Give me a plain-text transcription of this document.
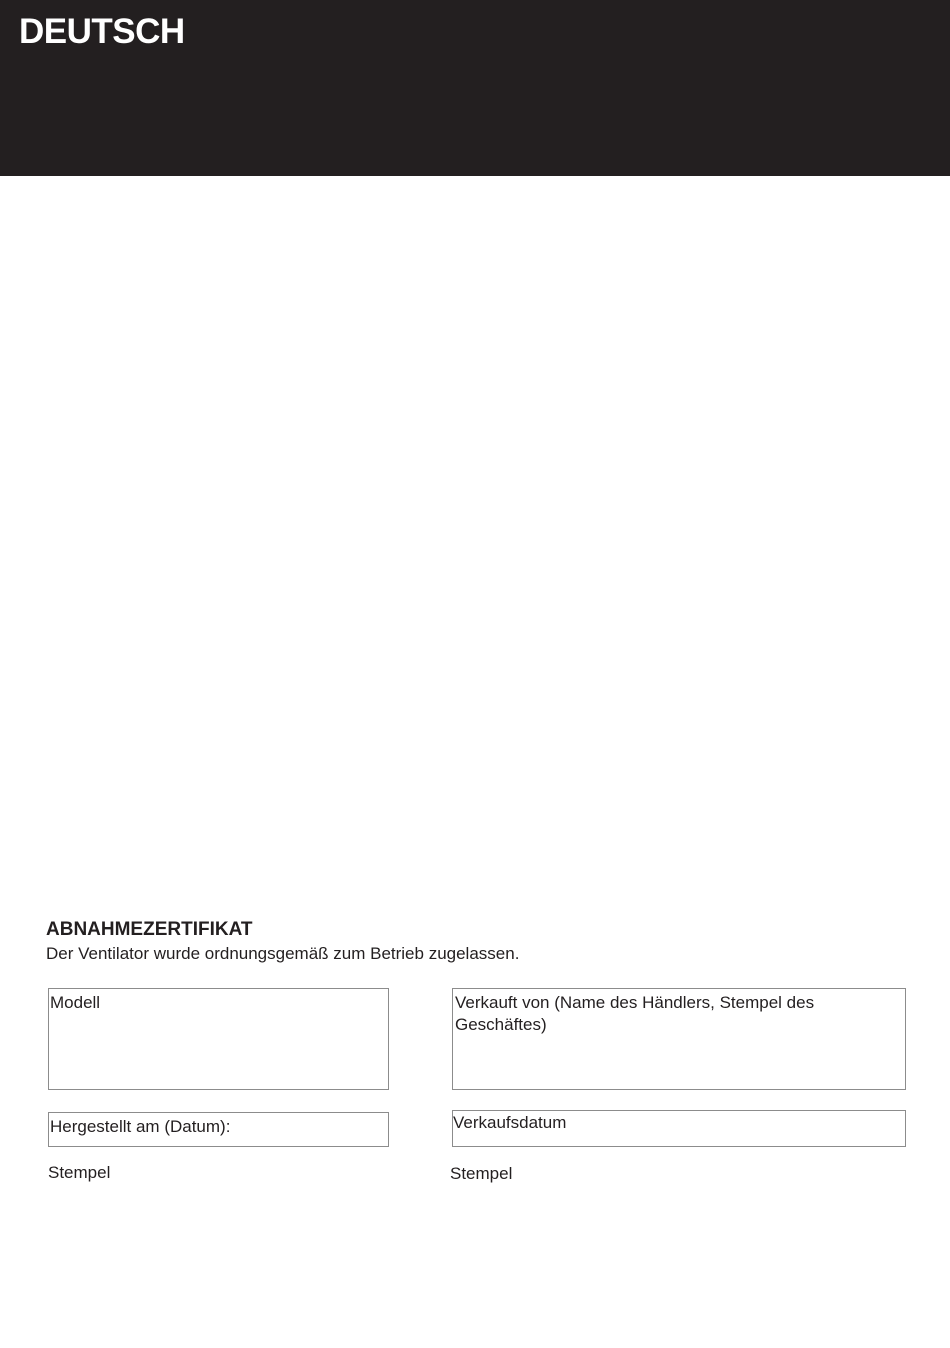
DEUTSCH
ABNAHMEZERTIFIKAT
Der Ventilator wurde ordnungsgemäß zum Betrieb zugelassen.
Modell	Verkauft von (Name des Händlers, Stempel des Geschäftes)
Hergestellt am (Datum):	Verkaufsdatum
Stempel	Stempel
